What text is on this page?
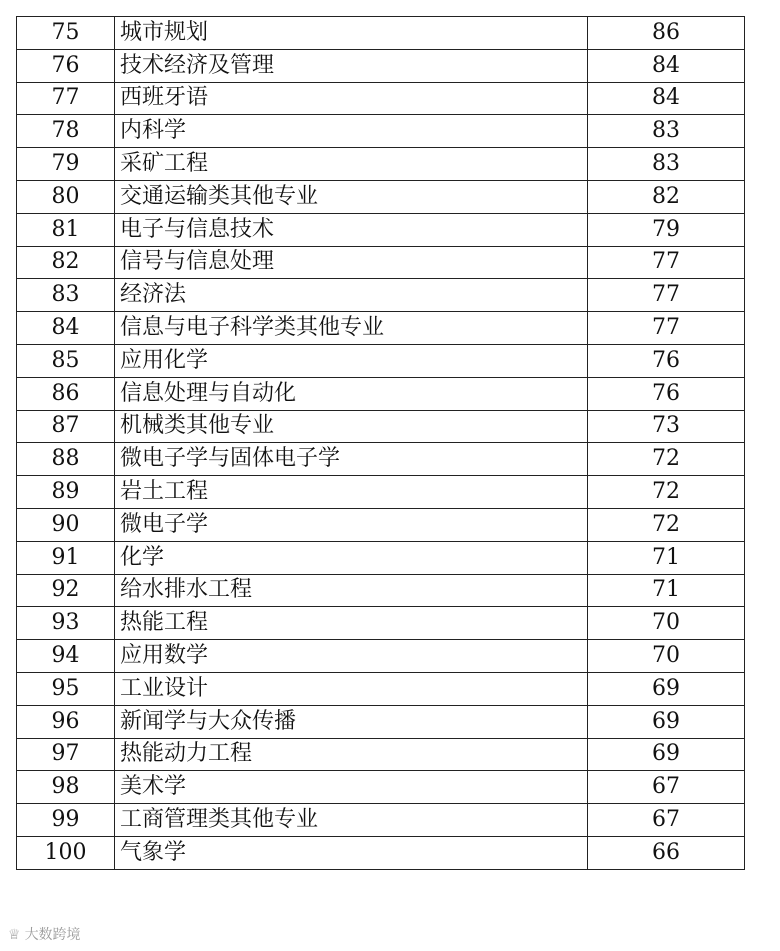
75	城市规划	86
76	技术经济及管理	84
77	西班牙语	84
78	内科学	83
79	采矿工程	83
80	交通运输类其他专业	82
81	电子与信息技术	79
82	信号与信息处理	77
83	经济法	77
84	信息与电子科学类其他专业	77
85	应用化学	76
86	信息处理与自动化	76
87	机械类其他专业	73
88	微电子学与固体电子学	72
89	岩土工程	72
90	微电子学	72
91	化学	71
92	给水排水工程	71
93	热能工程	70
94	应用数学	70
95	工业设计	69
96	新闻学与大众传播	69
97	热能动力工程	69
98	美术学	67
99	工商管理类其他专业	67
100	气象学	66
♕ 大数跨境
